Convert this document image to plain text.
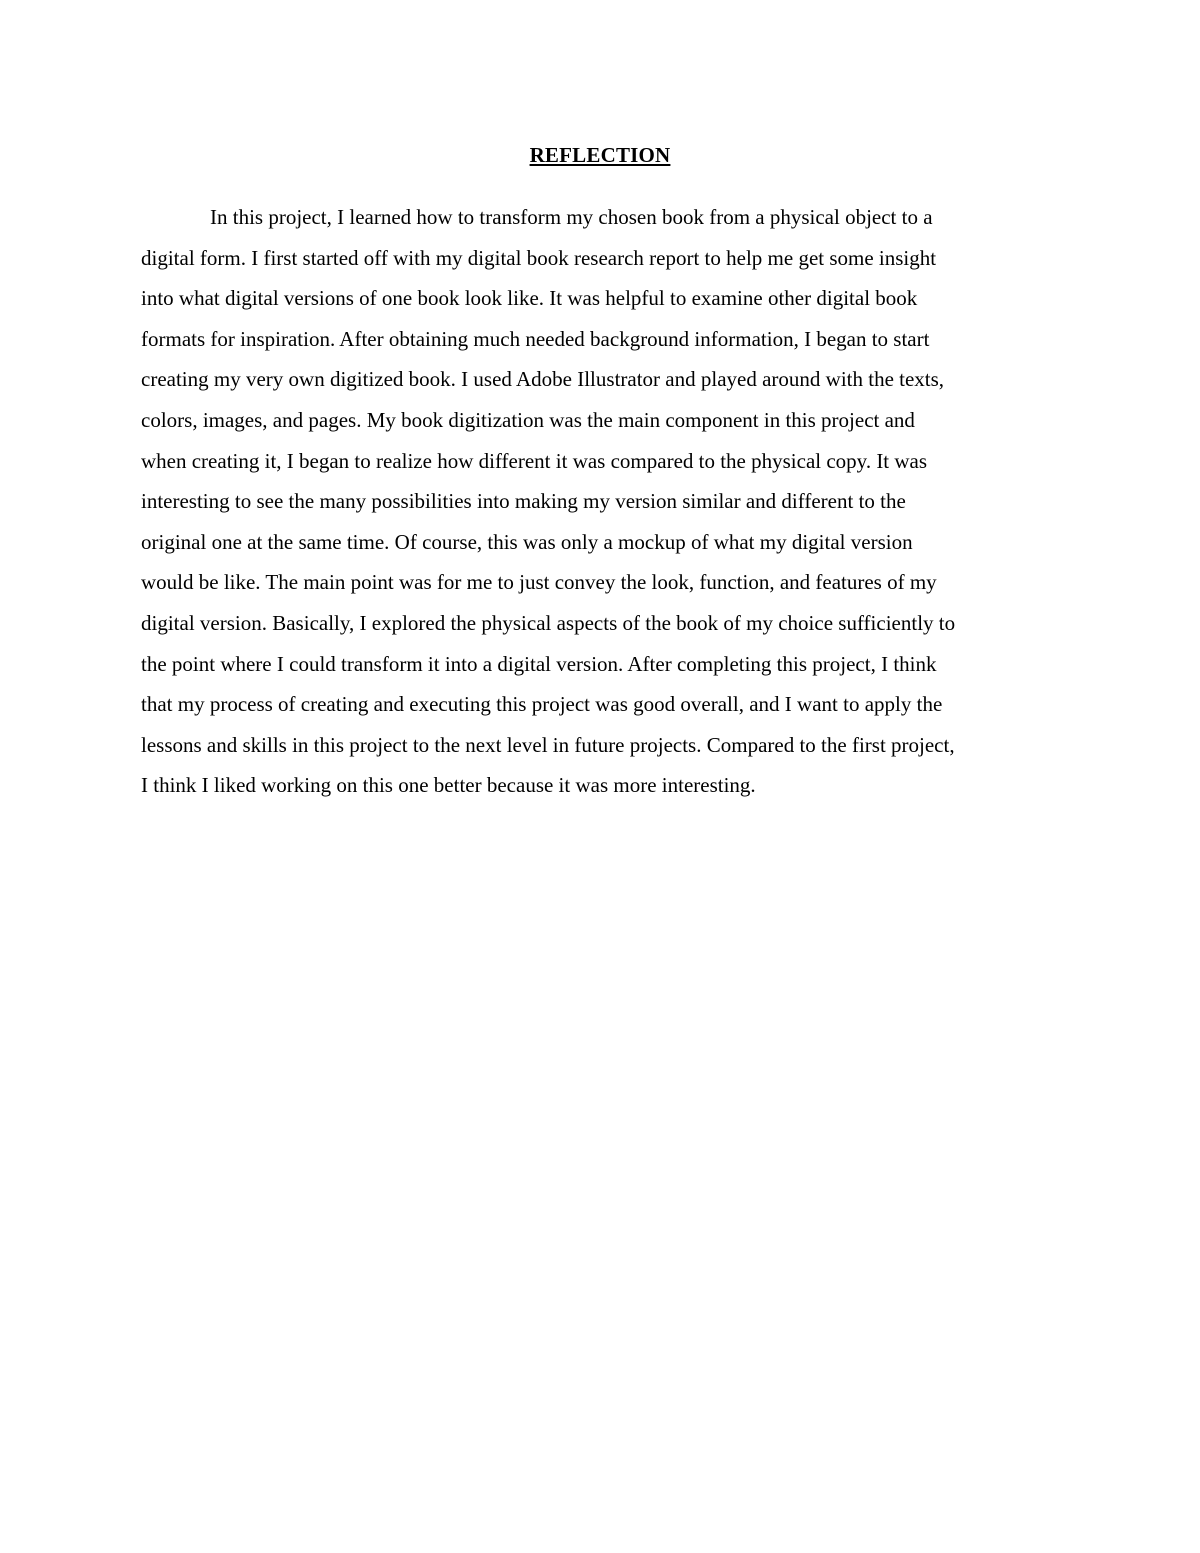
REFLECTION
In this project, I learned how to transform my chosen book from a physical object to a
digital form. I first started off with my digital book research report to help me get some insight
into what digital versions of one book look like. It was helpful to examine other digital book
formats for inspiration. After obtaining much needed background information, I began to start
creating my very own digitized book. I used Adobe Illustrator and played around with the texts,
colors, images, and pages. My book digitization was the main component in this project and
when creating it, I began to realize how different it was compared to the physical copy. It was
interesting to see the many possibilities into making my version similar and different to the
original one at the same time. Of course, this was only a mockup of what my digital version
would be like. The main point was for me to just convey the look, function, and features of my
digital version. Basically, I explored the physical aspects of the book of my choice sufficiently to
the point where I could transform it into a digital version. After completing this project, I think
that my process of creating and executing this project was good overall, and I want to apply the
lessons and skills in this project to the next level in future projects. Compared to the first project,
I think I liked working on this one better because it was more interesting.
